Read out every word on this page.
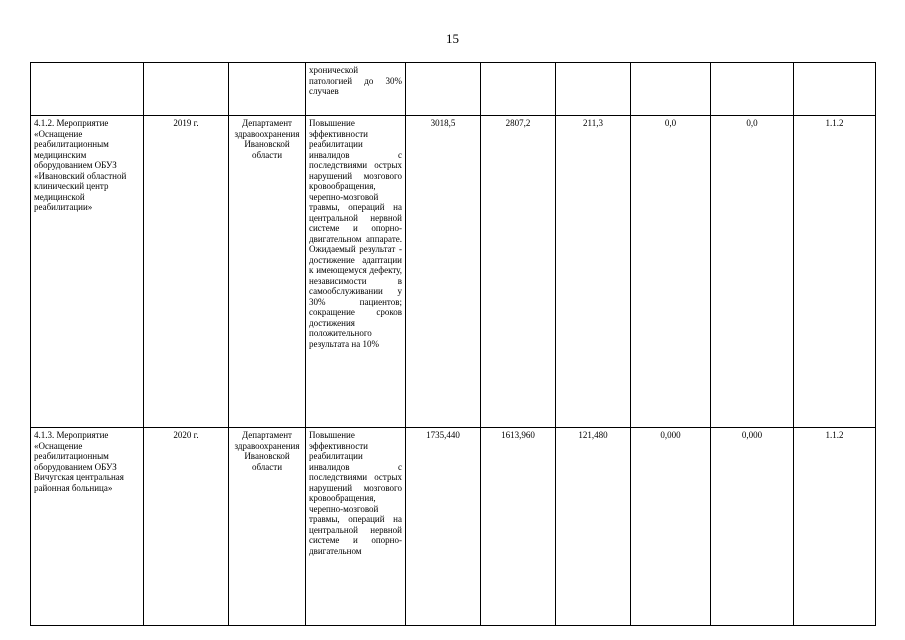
15
			хронической патологией до 30% случаев						
4.1.2. Мероприятие «Оснащение реабилитационным медицинским оборудованием ОБУЗ «Ивановский областной клинический центр медицинской реабилитации»	2019 г.	Департамент здравоохранения Ивановской области	Повышение эффективности реабилитации инвалидов с последствиями острых нарушений мозгового кровообращения, черепно-мозговой травмы, операций на центральной нервной системе и опорно-двигательном аппарате. Ожидаемый результат - достижение адаптации к имеющемуся дефекту, независимости в самообслуживании у 30% пациентов; сокращение сроков достижения положительного результата на 10%	3018,5	2807,2	211,3	0,0	0,0	1.1.2
4.1.3. Мероприятие «Оснащение реабилитационным оборудованием ОБУЗ Вичугская центральная районная больница»	2020 г.	Департамент здравоохранения Ивановской области	Повышение эффективности реабилитации инвалидов с последствиями острых нарушений мозгового кровообращения, черепно-мозговой травмы, операций на центральной нервной системе и опорно-двигательном	1735,440	1613,960	121,480	0,000	0,000	1.1.2
